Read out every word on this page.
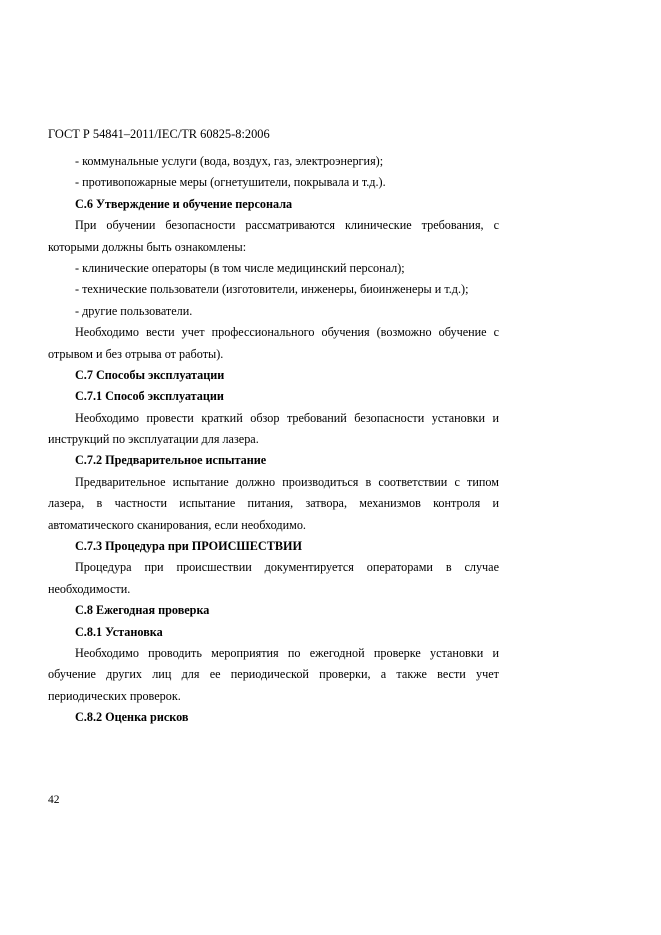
ГОСТ Р 54841–2011/IEC/TR 60825-8:2006
- коммунальные услуги (вода, воздух, газ, электроэнергия);
- противопожарные меры (огнетушители, покрывала и т.д.).
С.6 Утверждение и обучение персонала
При обучении безопасности рассматриваются клинические требования, с
которыми должны быть ознакомлены:
- клинические операторы (в том числе медицинский персонал);
- технические пользователи (изготовители, инженеры, биоинженеры и т.д.);
- другие пользователи.
Необходимо вести учет профессионального обучения (возможно обучение с
отрывом и без отрыва от работы).
С.7 Способы эксплуатации
С.7.1 Способ эксплуатации
Необходимо провести краткий обзор требований безопасности установки и
инструкций по эксплуатации для лазера.
С.7.2 Предварительное испытание
Предварительное испытание должно производиться в соответствии с типом
лазера, в частности испытание питания, затвора, механизмов контроля и
автоматического сканирования, если необходимо.
С.7.3 Процедура при ПРОИСШЕСТВИИ
Процедура при происшествии документируется операторами в случае
необходимости.
С.8 Ежегодная проверка
С.8.1 Установка
Необходимо проводить мероприятия по ежегодной проверке установки и
обучение других лиц для ее периодической проверки, а также вести учет
периодических проверок.
С.8.2 Оценка рисков
42
